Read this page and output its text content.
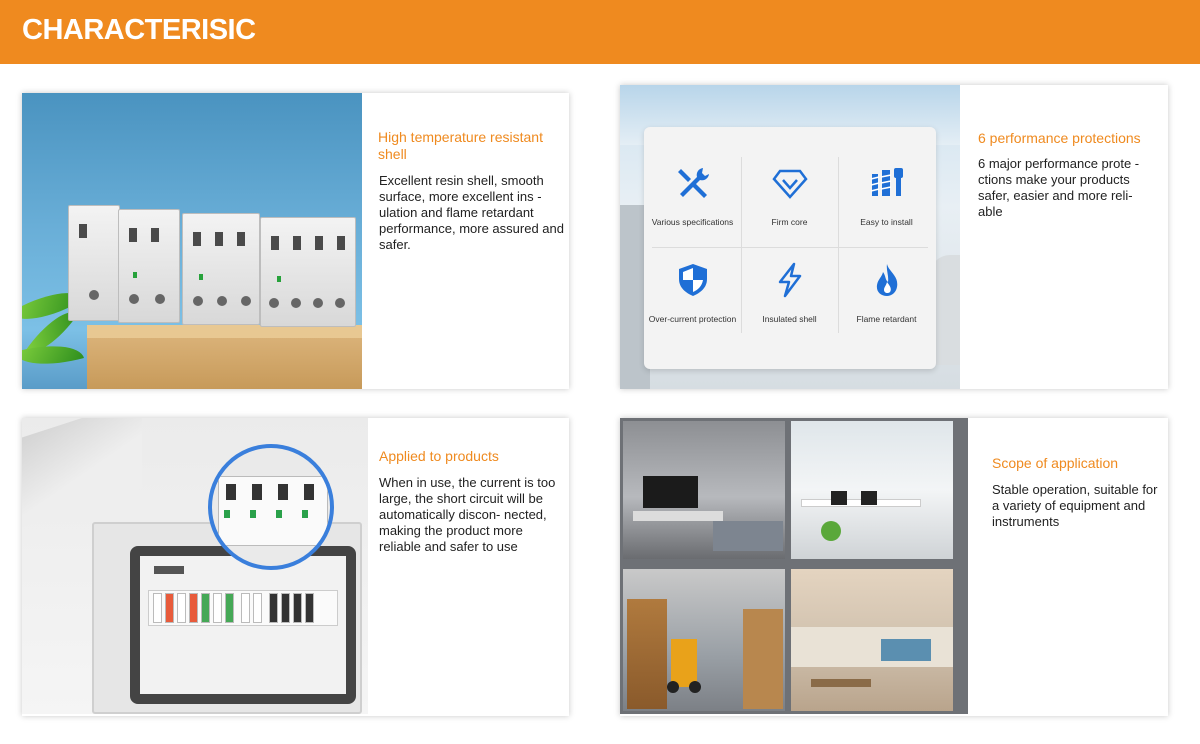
CHARACTERISIC
High temperature resistant shell
Excellent resin shell, smooth surface, more excellent ins -ulation and flame retardant performance, more assured and safer.
Various specifications	Firm core	Easy to install
Over-current protection	Insulated shell	Flame retardant
6 performance protections
6 major performance prote -ctions make your products safer, easier and more reli- able
Applied to products
When in use, the current is too large, the short circuit will be automatically discon- nected, making the product more reliable and safer to use
Scope of application
Stable operation, suitable for a variety of equipment and instruments
